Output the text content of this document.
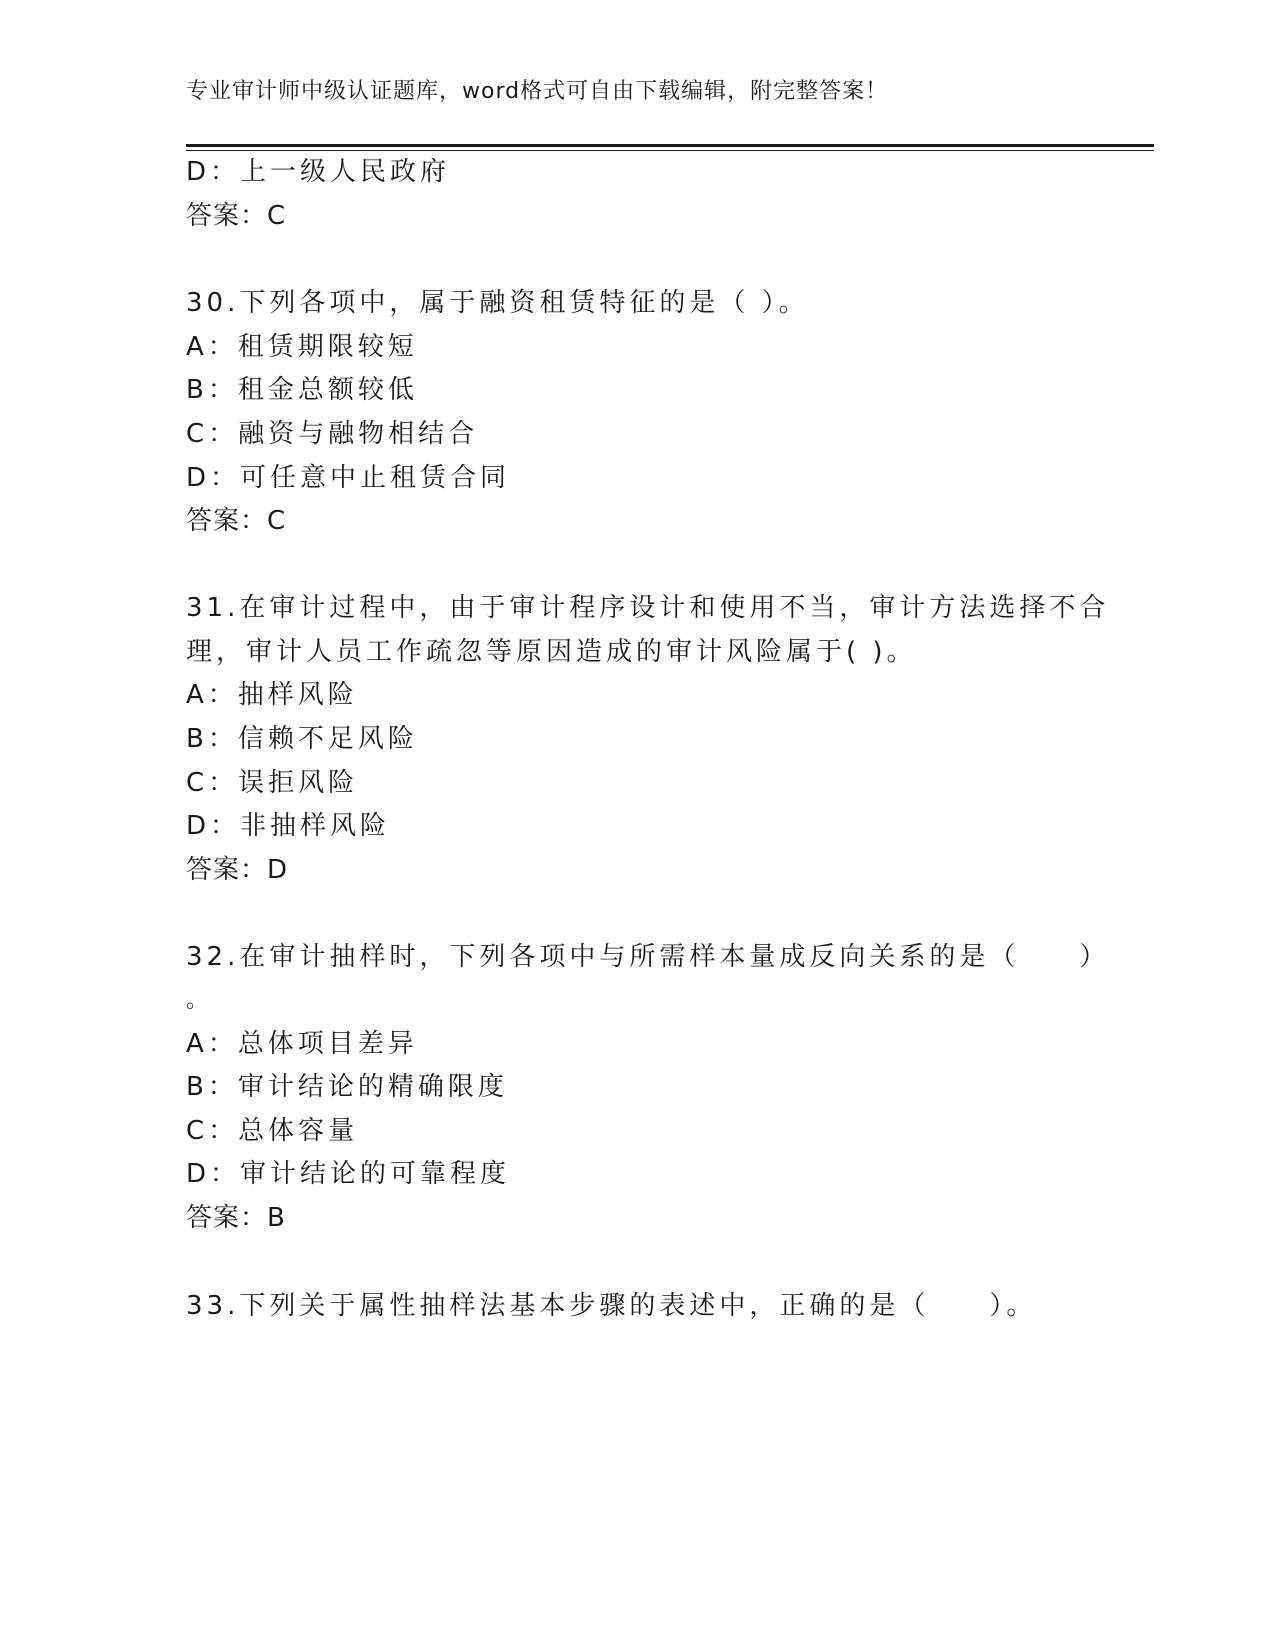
专业审计师中级认证题库，word格式可自由下载编辑，附完整答案！
D：上一级人民政府
答案：C
30.下列各项中，属于融资租赁特征的是（ ）。
A：租赁期限较短
B：租金总额较低
C：融资与融物相结合
D：可任意中止租赁合同
答案：C
31.在审计过程中，由于审计程序设计和使用不当，审计方法选择不合
理，审计人员工作疏忽等原因造成的审计风险属于( )。
A：抽样风险
B：信赖不足风险
C：误拒风险
D：非抽样风险
答案：D
32.在审计抽样时，下列各项中与所需样本量成反向关系的是（　　）
。
A：总体项目差异
B：审计结论的精确限度
C：总体容量
D：审计结论的可靠程度
答案：B
33.下列关于属性抽样法基本步骤的表述中，正确的是（　　）。
